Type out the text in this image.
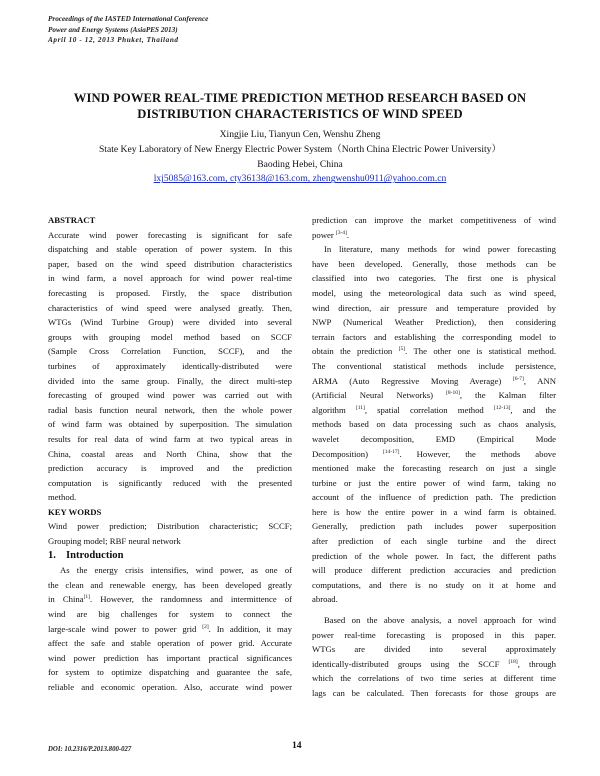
Proceedings of the IASTED International Conference
Power and Energy Systems (AsiaPES 2013)
April 10 - 12, 2013 Phuket, Thailand
WIND POWER REAL-TIME PREDICTION METHOD RESEARCH BASED ON
DISTRIBUTION CHARACTERISTICS OF WIND SPEED
Xingjie Liu, Tianyun Cen, Wenshu Zheng
State Key Laboratory of New Energy Electric Power System（North China Electric Power University）
Baoding Hebei, China
lxj5085@163.com, cty36138@163.com, zhengwenshu0911@yahoo.com.cn
ABSTRACT
Accurate wind power forecasting is significant for safe
dispatching and stable operation of power system. In this
paper, based on the wind speed distribution characteristics
in wind farm, a novel approach for wind power real-time
forecasting is proposed. Firstly, the space distribution
characteristics of wind speed were analysed greatly. Then,
WTGs (Wind Turbine Group) were divided into several
groups with grouping model method based on SCCF
(Sample Cross Correlation Function, SCCF), and the
turbines of approximately identically-distributed were
divided into the same group. Finally, the direct multi-step
forecasting of grouped wind power was carried out with
radial basis function neural network, then the whole power
of wind farm was obtained by superposition. The simulation
results for real data of wind farm at two typical areas in
China, coastal areas and North China, show that the
prediction accuracy is improved and the prediction
computation is significantly reduced with the presented
method.
KEY WORDS
Wind power prediction; Distribution characteristic; SCCF;
Grouping model; RBF neural network
1. Introduction
As the energy crisis intensifies, wind power, as one of
the clean and renewable energy, has been developed greatly
in China[1]. However, the randomness and intermittence of
wind are big challenges for system to connect the
large-scale wind power to power grid [2]. In addition, it may
affect the safe and stable operation of power grid. Accurate
wind power prediction has important practical significances
for system to optimize dispatching and guarantee the safe,
reliable and economic operation. Also, accurate wind power
prediction can improve the market competitiveness of wind
power [3-4].
In literature, many methods for wind power forecasting
have been developed. Generally, those methods can be
classified into two categories. The first one is physical
model, using the meteorological data such as wind speed,
wind direction, air pressure and temperature provided by
NWP (Numerical Weather Prediction), then considering
terrain factors and establishing the corresponding model to
obtain the prediction [5]. The other one is statistical method.
The conventional statistical methods include persistence,
ARMA (Auto Regressive Moving Average) [6-7], ANN
(Artificial Neural Networks) [8-10], the Kalman filter
algorithm [11], spatial correlation method [12-13], and the
methods based on data processing such as chaos analysis,
wavelet decomposition, EMD (Empirical Mode
Decomposition)	[14-17]. However, the methods above
mentioned make the forecasting research on just a single
turbine or just the entire power of wind farm, taking no
account of the influence of prediction path. The prediction
here is how the entire power in a wind farm is obtained.
Generally, prediction path includes power superposition
after prediction of each single turbine and the direct
prediction of the whole power. In fact, the different paths
will produce different prediction accuracies and prediction
computations, and there is no study on it at home and
abroad.
Based on the above analysis, a novel approach for wind
power real-time forecasting is proposed in this paper.
WTGs are divided into several approximately
identically-distributed groups using the SCCF [18], through
which the correlations of two time series at different time
lags can be calculated. Then forecasts for those groups are
DOI: 10.2316/P.2013.800-027	14
